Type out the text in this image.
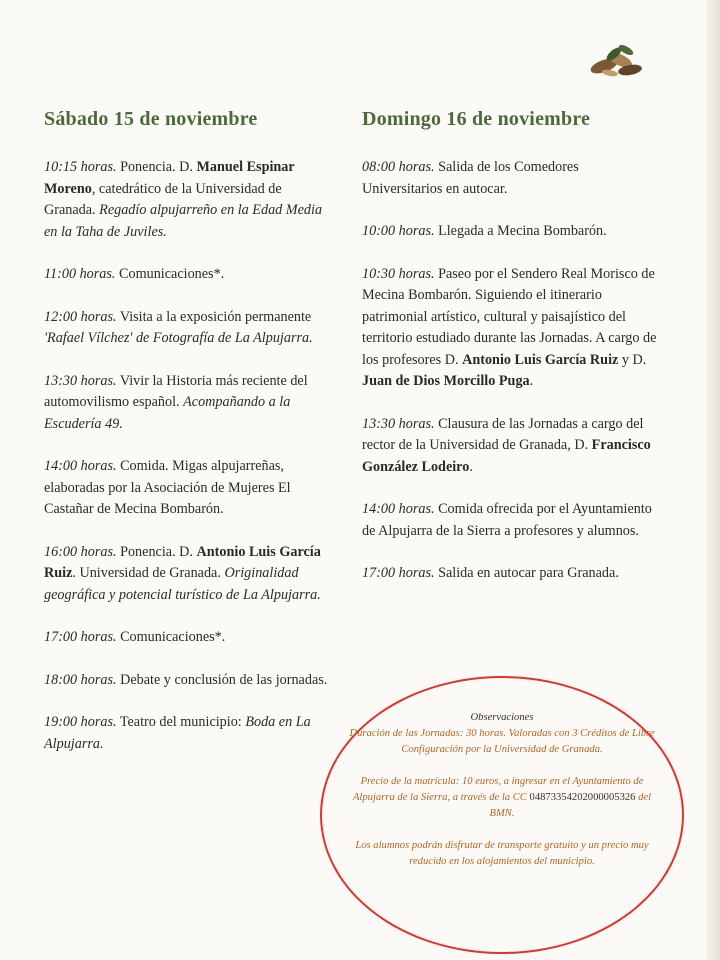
Sábado 15 de noviembre
10:15 horas. Ponencia. D. Manuel Espinar Moreno, catedrático de la Universidad de Granada. Regadío alpujarreño en la Edad Media en la Taha de Juviles.
11:00 horas. Comunicaciones*.
12:00 horas. Visita a la exposición permanente 'Rafael Vílchez' de Fotografía de La Alpujarra.
13:30 horas. Vivir la Historia más reciente del automovilismo español. Acompañando a la Escudería 49.
14:00 horas. Comida. Migas alpujarreñas, elaboradas por la Asociación de Mujeres El Castañar de Mecina Bombarón.
16:00 horas. Ponencia. D. Antonio Luis García Ruiz. Universidad de Granada. Originalidad geográfica y potencial turístico de La Alpujarra.
17:00 horas. Comunicaciones*.
18:00 horas. Debate y conclusión de las jornadas.
19:00 horas. Teatro del municipio: Boda en La Alpujarra.
Domingo 16 de noviembre
08:00 horas. Salida de los Comedores Universitarios en autocar.
10:00 horas. Llegada a Mecina Bombarón.
10:30 horas. Paseo por el Sendero Real Morisco de Mecina Bombarón. Siguiendo el itinerario patrimonial artístico, cultural y paisajístico del territorio estudiado durante las Jornadas. A cargo de los profesores D. Antonio Luis García Ruiz y D. Juan de Dios Morcillo Puga.
13:30 horas. Clausura de las Jornadas a cargo del rector de la Universidad de Granada, D. Francisco González Lodeiro.
14:00 horas. Comida ofrecida por el Ayuntamiento de Alpujarra de la Sierra a profesores y alumnos.
17:00 horas. Salida en autocar para Granada.
Observaciones
Duración de las Jornadas: 30 horas. Valoradas con 3 Créditos de Libre Configuración por la Universidad de Granada.
Precio de la matrícula: 10 euros, a ingresar en el Ayuntamiento de Alpujarra de la Sierra, a través de la CC 04873354202000005326 del BMN.
Los alumnos podrán disfrutar de transporte gratuito y un precio muy reducido en los alojamientos del municipio.
